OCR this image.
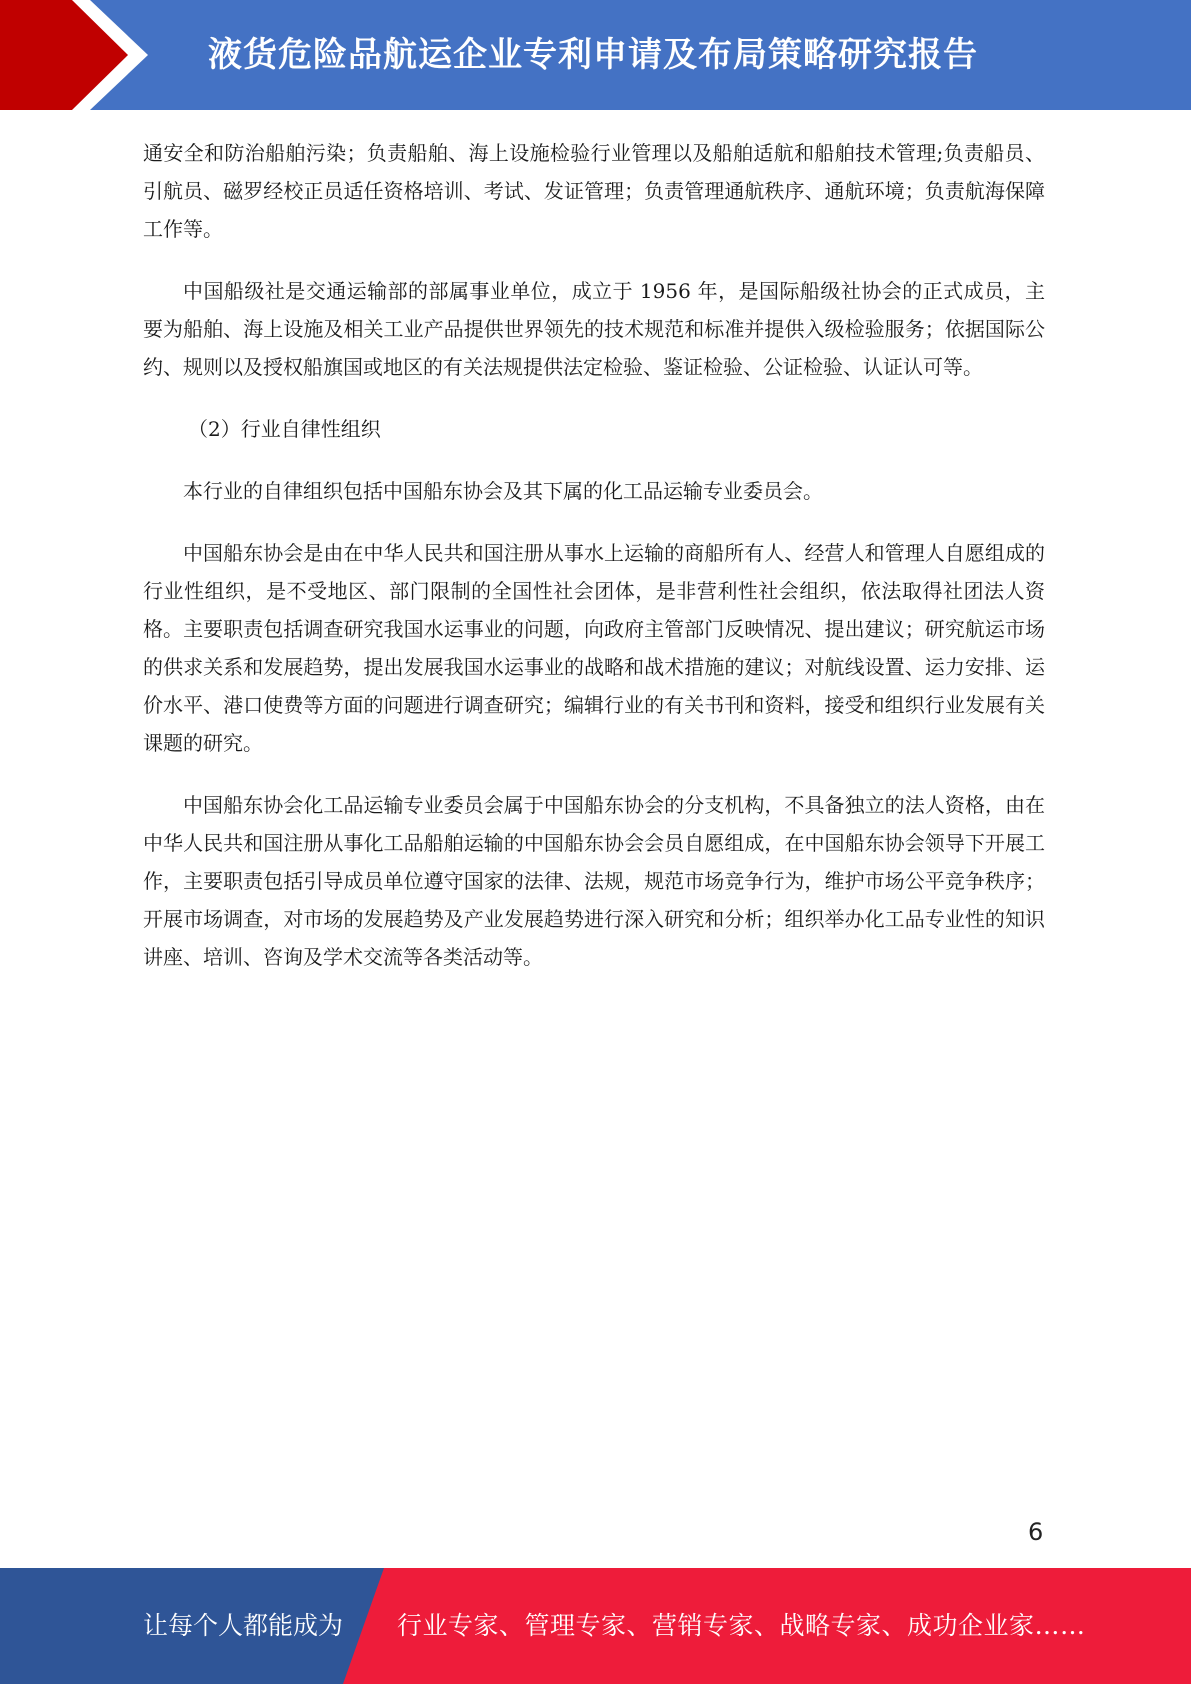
液货危险品航运企业专利申请及布局策略研究报告

通安全和防治船舶污染；负责船舶、海上设施检验行业管理以及船舶适航和船舶技术管理;负责船员、引航员、磁罗经校正员适任资格培训、考试、发证管理；负责管理通航秩序、通航环境；负责航海保障工作等。

中国船级社是交通运输部的部属事业单位，成立于 1956 年，是国际船级社协会的正式成员，主要为船舶、海上设施及相关工业产品提供世界领先的技术规范和标准并提供入级检验服务；依据国际公约、规则以及授权船旗国或地区的有关法规提供法定检验、鉴证检验、公证检验、认证认可等。

（2）行业自律性组织

本行业的自律组织包括中国船东协会及其下属的化工品运输专业委员会。

中国船东协会是由在中华人民共和国注册从事水上运输的商船所有人、经营人和管理人自愿组成的行业性组织，是不受地区、部门限制的全国性社会团体，是非营利性社会组织，依法取得社团法人资格。主要职责包括调查研究我国水运事业的问题，向政府主管部门反映情况、提出建议；研究航运市场的供求关系和发展趋势，提出发展我国水运事业的战略和战术措施的建议；对航线设置、运力安排、运价水平、港口使费等方面的问题进行调查研究；编辑行业的有关书刊和资料，接受和组织行业发展有关课题的研究。

中国船东协会化工品运输专业委员会属于中国船东协会的分支机构，不具备独立的法人资格，由在中华人民共和国注册从事化工品船舶运输的中国船东协会会员自愿组成，在中国船东协会领导下开展工作，主要职责包括引导成员单位遵守国家的法律、法规，规范市场竞争行为，维护市场公平竞争秩序；开展市场调查，对市场的发展趋势及产业发展趋势进行深入研究和分析；组织举办化工品专业性的知识讲座、培训、咨询及学术交流等各类活动等。

6
让每个人都能成为 行业专家、管理专家、营销专家、战略专家、成功企业家……
